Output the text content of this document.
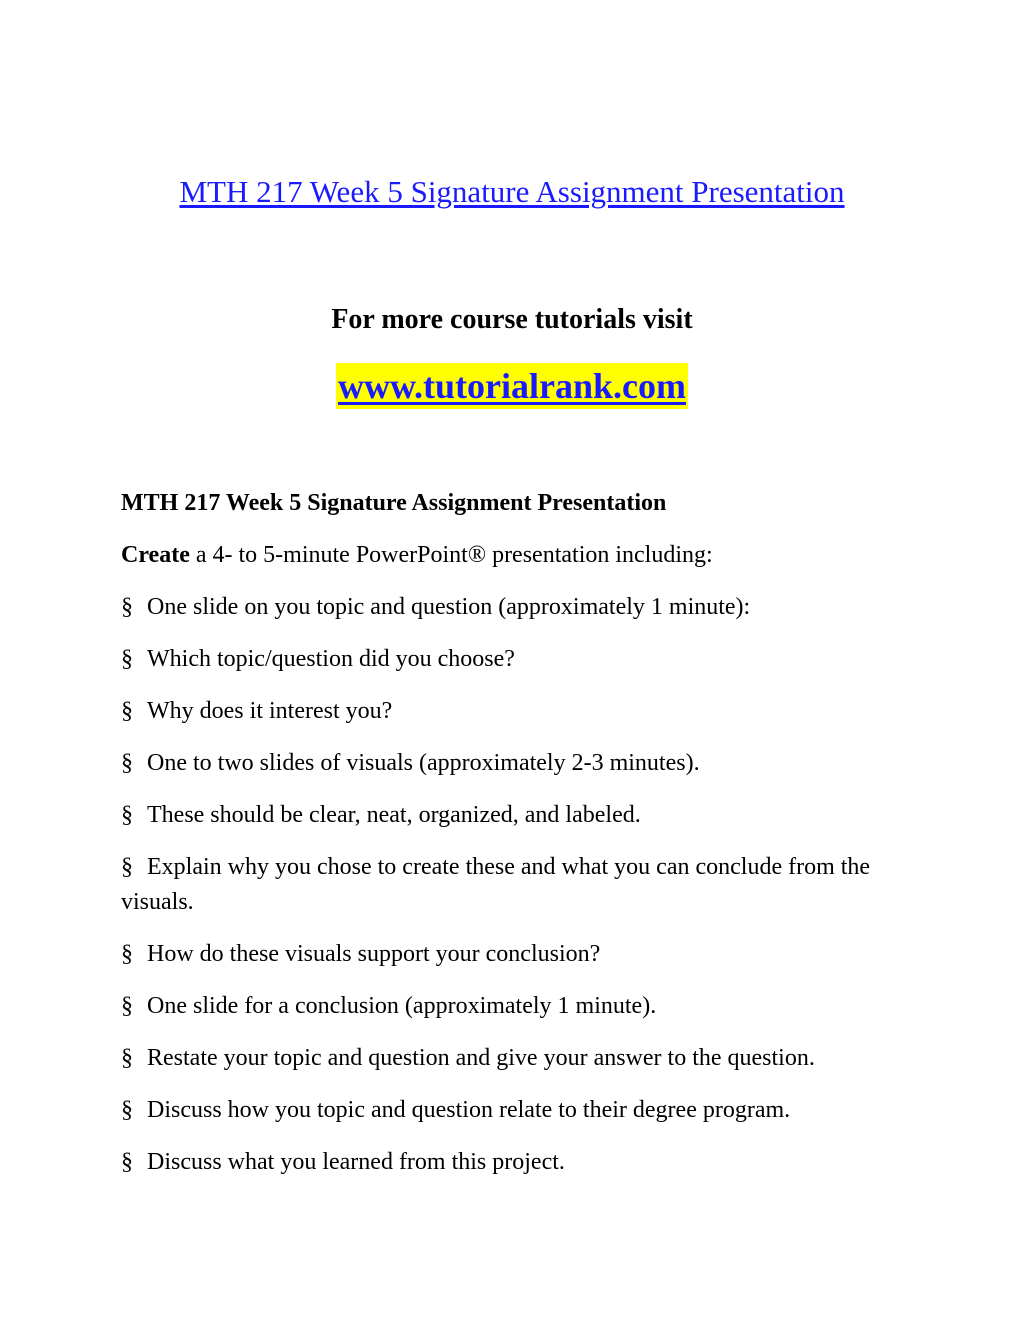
MTH 217 Week 5 Signature Assignment Presentation
For more course tutorials visit
www.tutorialrank.com

MTH 217 Week 5 Signature Assignment Presentation

Create a 4- to 5-minute PowerPoint® presentation including:

§ One slide on you topic and question (approximately 1 minute):

§ Which topic/question did you choose?

§ Why does it interest you?

§ One to two slides of visuals (approximately 2-3 minutes).

§ These should be clear, neat, organized, and labeled.

§ Explain why you chose to create these and what you can conclude from the visuals.

§ How do these visuals support your conclusion?

§ One slide for a conclusion (approximately 1 minute).

§ Restate your topic and question and give your answer to the question.

§ Discuss how you topic and question relate to their degree program.

§ Discuss what you learned from this project.
